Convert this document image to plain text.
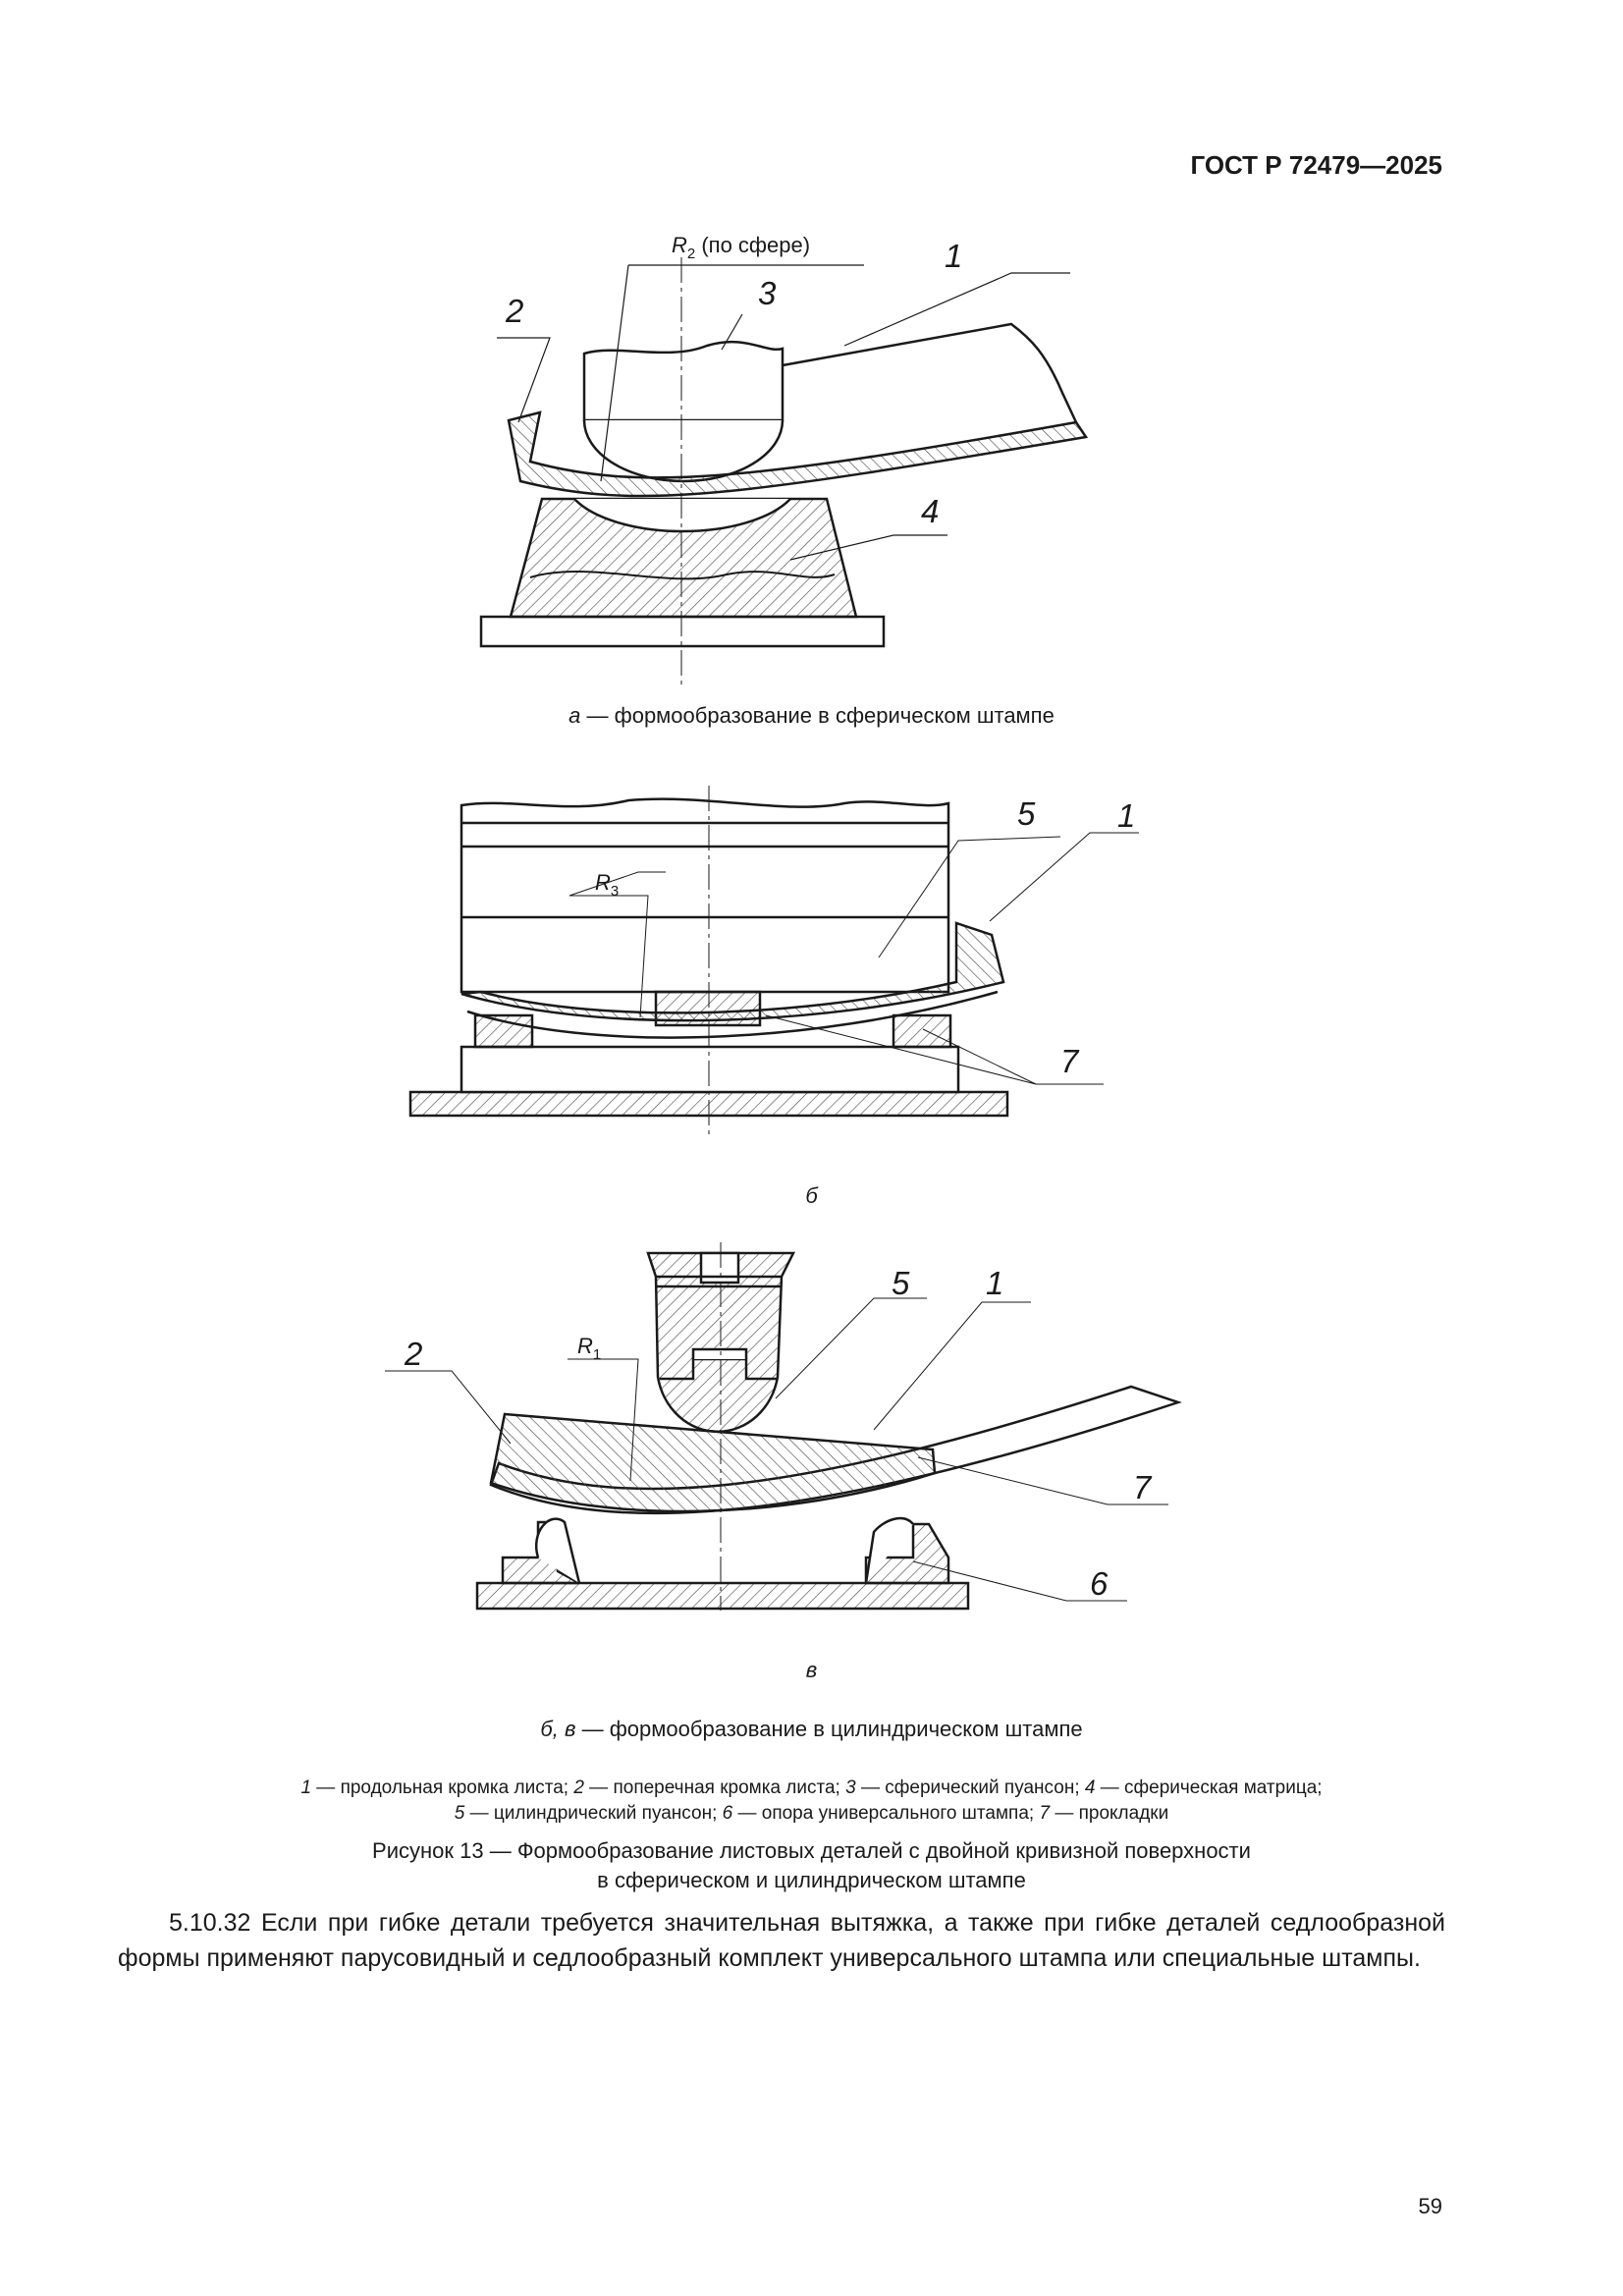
ГОСТ Р 72479—2025
2	3
1
4
R2 (по сфере)
а — формообразование в сферическом штампе
5	1
7
R3
б
2
5 1
7
6
R1
в
б, в — формообразование в цилиндрическом штампе
1 — продольная кромка листа; 2 — поперечная кромка листа; 3 — сферический пуансон; 4 — сферическая матрица;
5 — цилиндрический пуансон; 6 — опора универсального штампа; 7 — прокладки
Рисунок 13 — Формообразование листовых деталей с двойной кривизной поверхности
в сферическом и цилиндрическом штампе
5.10.32 Если при гибке детали требуется значительная вытяжка, а также при гибке деталей седлообразной формы применяют парусовидный и седлообразный комплект универсального штампа или специальные штампы.
59
